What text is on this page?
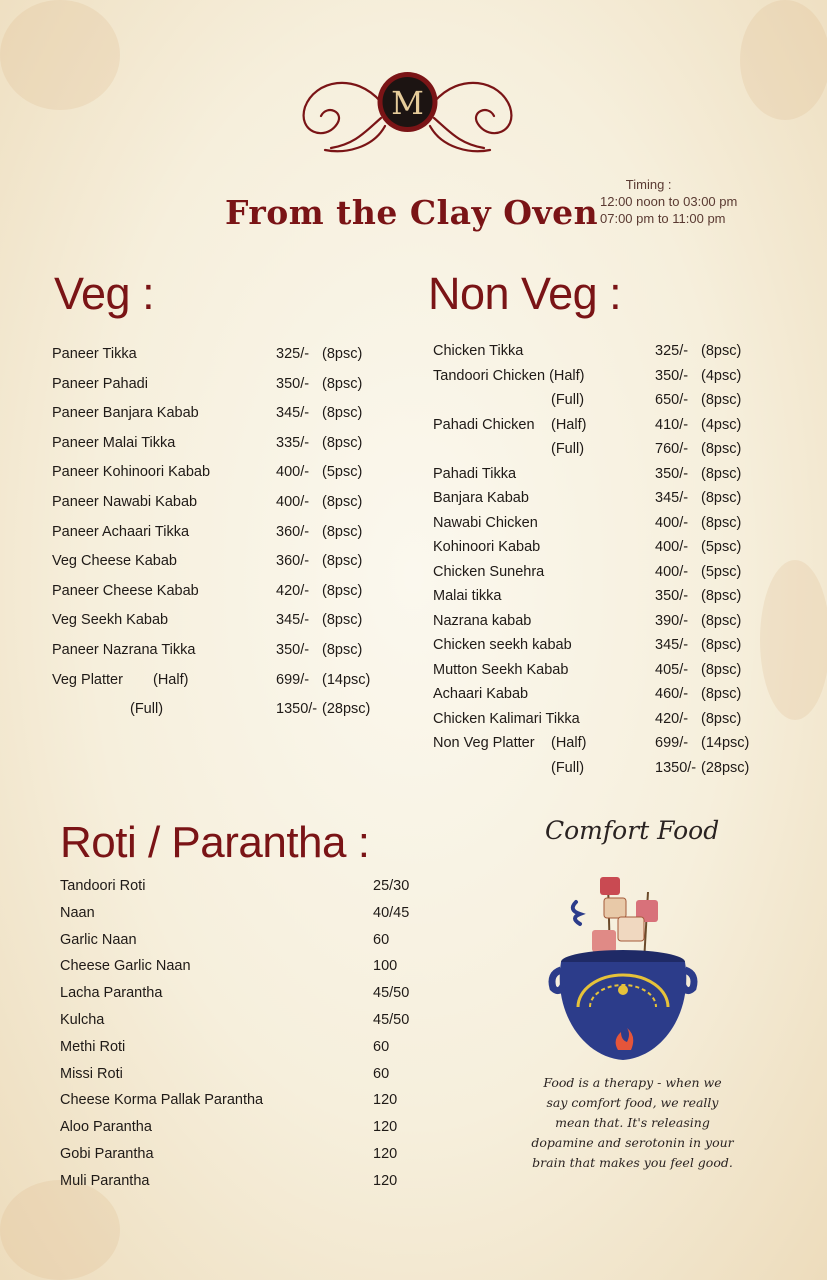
M
From the Clay Oven
Timing :
12:00 noon to 03:00 pm
07:00 pm to 11:00 pm
Veg :	Non Veg :
Paneer Tikka	325/- (8psc)
Paneer Pahadi	350/- (8psc)
Paneer Banjara Kabab	345/- (8psc)
Paneer Malai Tikka	335/- (8psc)
Paneer Kohinoori Kabab	400/- (5psc)
Paneer Nawabi Kabab	400/- (8psc)
Paneer Achaari Tikka	360/- (8psc)
Veg Cheese Kabab	360/- (8psc)
Paneer Cheese Kabab	420/- (8psc)
Veg Seekh Kabab	345/- (8psc)
Paneer Nazrana Tikka	350/- (8psc)
Veg Platter (Half)	699/- (14psc)
(Full)	1350/- (28psc)
Chicken Tikka	325/- (8psc)
Tandoori Chicken (Half)	350/- (4psc)
(Full)	650/- (8psc)
Pahadi Chicken (Half)	410/- (4psc)
(Full)	760/- (8psc)
Pahadi Tikka	350/- (8psc)
Banjara Kabab	345/- (8psc)
Nawabi Chicken	400/- (8psc)
Kohinoori Kabab	400/- (5psc)
Chicken Sunehra	400/- (5psc)
Malai tikka	350/- (8psc)
Nazrana kabab	390/- (8psc)
Chicken seekh kabab	345/- (8psc)
Mutton Seekh Kabab	405/- (8psc)
Achaari Kabab	460/- (8psc)
Chicken Kalimari Tikka	420/- (8psc)
Non Veg Platter (Half)	699/- (14psc)
(Full)	1350/- (28psc)
Roti / Parantha :
Tandoori Roti	25/30
Naan	40/45
Garlic Naan	60
Cheese Garlic Naan	100
Lacha Parantha	45/50
Kulcha	45/50
Methi Roti	60
Missi Roti	60
Cheese Korma Pallak Parantha	120
Aloo Parantha	120
Gobi Parantha	120
Muli Parantha	120
Comfort Food
Food is a therapy - when we
say comfort food, we really
mean that. It's releasing
dopamine and serotonin in your
brain that makes you feel good.
